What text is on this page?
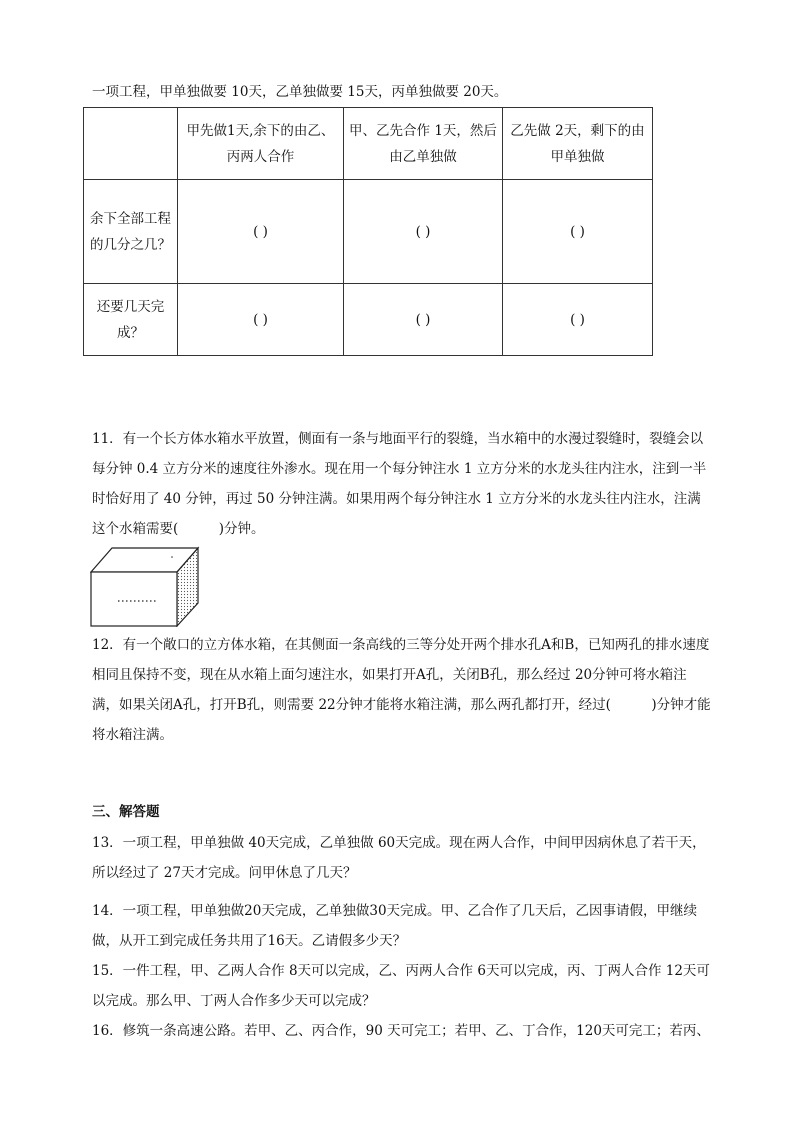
一项工程，甲单独做要 10天，乙单独做要 15天，丙单独做要 20天。
	甲先做1天,余下的由乙、丙两人合作	甲、乙先合作 1天，然后由乙单独做	乙先做 2天，剩下的由甲单独做
余下全部工程的几分之几？	( )	( )	( )
还要几天完成？	( )	( )	( )
11．有一个长方体水箱水平放置，侧面有一条与地面平行的裂缝，当水箱中的水漫过裂缝时，裂缝会以每分钟 0.4 立方分米的速度往外渗水。现在用一个每分钟注水 1 立方分米的水龙头往内注水，注到一半时恰好用了 40 分钟，再过 50 分钟注满。如果用两个每分钟注水 1 立方分米的水龙头往内注水，注满这个水箱需要(　　　)分钟。
12．有一个敞口的立方体水箱，在其侧面一条高线的三等分处开两个排水孔A和B，已知两孔的排水速度相同且保持不变，现在从水箱上面匀速注水，如果打开A孔，关闭B孔，那么经过 20分钟可将水箱注满，如果关闭A孔，打开B孔，则需要 22分钟才能将水箱注满，那么两孔都打开，经过(　　　)分钟才能将水箱注满。
三、解答题
13．一项工程，甲单独做 40天完成，乙单独做 60天完成。现在两人合作，中间甲因病休息了若干天，所以经过了 27天才完成。问甲休息了几天？
14．一项工程，甲单独做20天完成，乙单独做30天完成。甲、乙合作了几天后，乙因事请假，甲继续做，从开工到完成任务共用了16天。乙请假多少天？
15．一件工程，甲、乙两人合作 8天可以完成，乙、丙两人合作 6天可以完成，丙、丁两人合作 12天可以完成。那么甲、丁两人合作多少天可以完成？
16．修筑一条高速公路。若甲、乙、丙合作，90 天可完工；若甲、乙、丁合作，120天可完工；若丙、
